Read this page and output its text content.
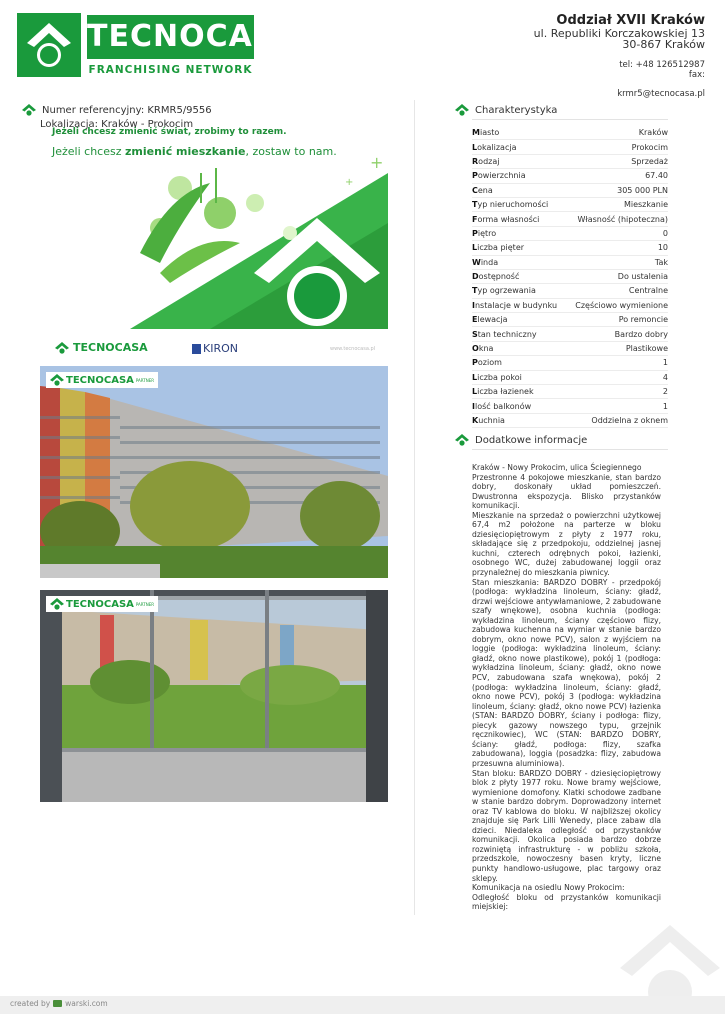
TECNOCASA
FRANCHISING NETWORK
Oddział XVII Kraków
ul. Republiki Korczakowskiej 13
30-867 Kraków
tel: +48 126512987
fax:
krmr5@tecnocasa.pl
Numer referencyjny: KRMR5/9556
Lokalizacja: Kraków - Prokocim
+
+
Jeżeli chcesz zmienić świat, zrobimy to razem.
Jeżeli chcesz zmienić mieszkanie, zostaw to nam.
TECNOCASA	KIRON	www.tecnocasa.pl
TECNOCASA PARTNER
TECNOCASA PARTNER
Charakterystyka
Miasto	Kraków
Lokalizacja	Prokocim
Rodzaj	Sprzedaż
Powierzchnia	67.40
Cena	305 000 PLN
Typ nieruchomości	Mieszkanie
Forma własności	Własność (hipoteczna)
Piętro	0
Liczba pięter	10
Winda	Tak
Dostępność	Do ustalenia
Typ ogrzewania	Centralne
Instalacje w budynku Częściowo wymienione
Elewacja	Po remoncie
Stan techniczny	Bardzo dobry
Okna	Plastikowe
Poziom	1
Liczba pokoi	4
Liczba łazienek	2
Ilość balkonów	1
Kuchnia	Oddzielna z oknem
Dodatkowe informacje

Kraków - Nowy Prokocim, ulica Ściegiennego

Przestronne 4 pokojowe mieszkanie, stan bardzo dobry, doskonały układ pomieszczeń. Dwustronna ekspozycja. Blisko przystanków komunikacji.

Mieszkanie na sprzedaż o powierzchni użytkowej 67,4 m2 położone na parterze w bloku dziesięciopiętrowym z płyty z 1977 roku, składające się z przedpokoju, oddzielnej jasnej kuchni, czterech odrębnych pokoi, łazienki, osobnego WC, dużej zabudowanej loggii oraz przynależnej do mieszkania piwnicy.

Stan mieszkania: BARDZO DOBRY - przedpokój (podłoga: wykładzina linoleum, ściany: gładź, drzwi wejściowe antywłamaniowe, 2 zabudowane szafy wnękowe), osobna kuchnia (podłoga: wykładzina linoleum, ściany częściowo flizy, zabudowa kuchenna na wymiar w stanie bardzo dobrym, okno nowe PCV), salon z wyjściem na loggie (podłoga: wykładzina linoleum, ściany: gładź, okno nowe plastikowe), pokój 1 (podłoga: wykładzina linoleum, ściany: gładź, okno nowe PCV, zabudowana szafa wnękowa), pokój 2 (podłoga: wykładzina linoleum, ściany: gładź, okno nowe PCV), pokój 3 (podłoga: wykładzina linoleum, ściany: gładź, okno nowe PCV) łazienka (STAN: BARDZO DOBRY, ściany i podłoga: flizy, piecyk gazowy nowszego typu, grzejnik ręcznikowiec), WC (STAN: BARDZO DOBRY, ściany: gładź, podłoga: flizy, szafka zabudowana), loggia (posadzka: flizy, zabudowa przesuwna aluminiowa).

Stan bloku: BARDZO DOBRY - dziesięciopiętrowy blok z płyty 1977 roku. Nowe bramy wejściowe, wymienione domofony. Klatki schodowe zadbane w stanie bardzo dobrym. Doprowadzony internet oraz TV kablowa do bloku. W najbliższej okolicy znajduje się Park Lilli Wenedy, place zabaw dla dzieci. Niedaleka odległość od przystanków komunikacji. Okolica posiada bardzo dobrze rozwiniętą infrastrukturę - w pobliżu szkoła, przedszkole, nowoczesny basen kryty, liczne punkty handlowo-usługowe, plac targowy oraz sklepy.

Komunikacja na osiedlu Nowy Prokocim:

Odległość bloku od przystanków komunikacji miejskiej:

created by warski.com
